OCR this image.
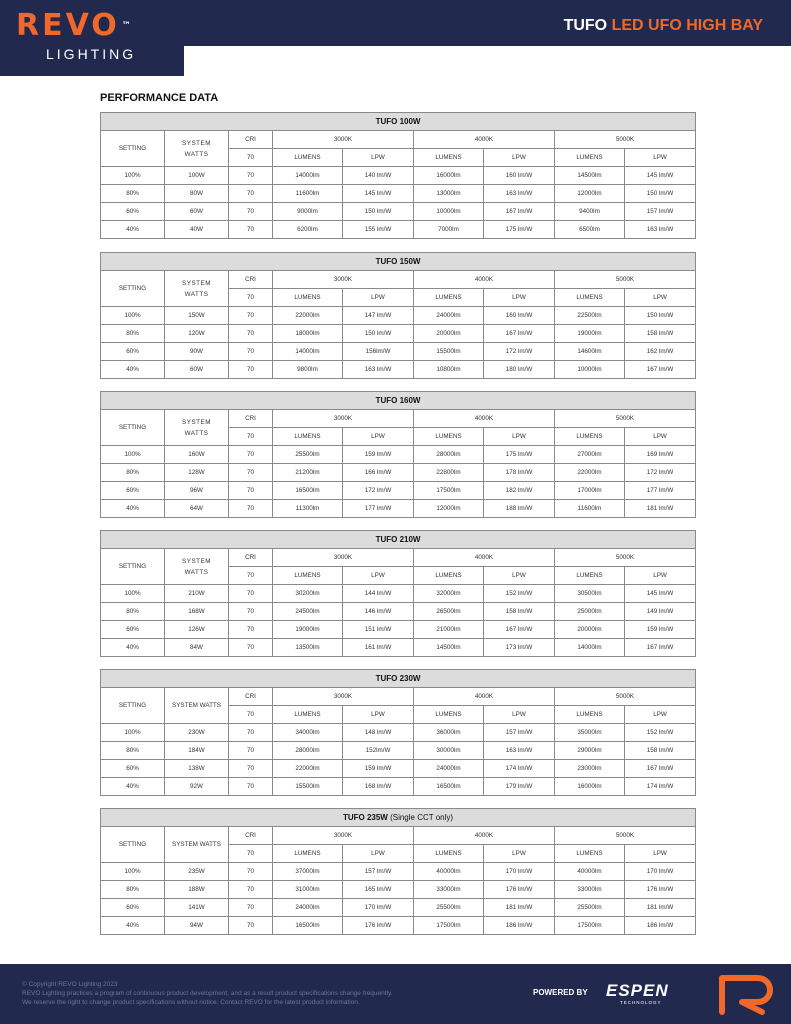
REVO ™
LIGHTING
TUFO LED UFO HIGH BAY
PERFORMANCE DATA
TUFO 100W								
SETTING	SYSTEM WATTS	CRI	3000K		4000K		5000K	
		70	LUMENS	LPW	LUMENS	LPW	LUMENS	LPW
100%	100W	70	14000lm	140 lm/W	16000lm	160 lm/W	14500lm	145 lm/W
80%	80W	70	11600lm	145 lm/W	13000lm	163 lm/W	12000lm	150 lm/W
60%	60W	70	9000lm	150 lm/W	10000lm	167 lm/W	9400lm	157 lm/W
40%	40W	70	6200lm	155 lm/W	7000lm	175 lm/W	6500lm	163 lm/W
TUFO 150W								
SETTING	SYSTEM WATTS	CRI	3000K		4000K		5000K	
		70	LUMENS	LPW	LUMENS	LPW	LUMENS	LPW
100%	150W	70	22000lm	147 lm/W	24000lm	160 lm/W	22500lm	150 lm/W
80%	120W	70	18000lm	150 lm/W	20000lm	167 lm/W	19000lm	158 lm/W
60%	90W	70	14000lm	156lm/W	15500lm	172 lm/W	14600lm	162 lm/W
40%	60W	70	9800lm	163 lm/W	10800lm	180 lm/W	10000lm	167 lm/W
TUFO 160W								
SETTING	SYSTEM WATTS	CRI	3000K		4000K		5000K	
		70	LUMENS	LPW	LUMENS	LPW	LUMENS	LPW
100%	160W	70	25500lm	159 lm/W	28000lm	175 lm/W	27000lm	169 lm/W
80%	128W	70	21200lm	166 lm/W	22800lm	178 lm/W	22000lm	172 lm/W
60%	96W	70	16500lm	172 lm/W	17500lm	182 lm/W	17000lm	177 lm/W
40%	64W	70	11300lm	177 lm/W	12000lm	188 lm/W	11600lm	181 lm/W
TUFO 210W								
SETTING	SYSTEM WATTS	CRI	3000K		4000K		5000K	
		70	LUMENS	LPW	LUMENS	LPW	LUMENS	LPW
100%	210W	70	30200lm	144 lm/W	32000lm	152 lm/W	30500lm	145 lm/W
80%	168W	70	24500lm	146 lm/W	26500lm	158 lm/W	25000lm	149 lm/W
60%	126W	70	19000lm	151 lm/W	21000lm	167 lm/W	20000lm	159 lm/W
40%	84W	70	13500lm	161 lm/W	14500lm	173 lm/W	14000lm	167 lm/W
TUFO 230W								
SETTING	SYSTEM WATTS	CRI	3000K		4000K		5000K	
		70	LUMENS	LPW	LUMENS	LPW	LUMENS	LPW
100%	230W	70	34000lm	148 lm/W	36000lm	157 lm/W	35000lm	152 lm/W
80%	184W	70	28000lm	152lm/W	30000lm	163 lm/W	29000lm	158 lm/W
60%	138W	70	22000lm	159 lm/W	24000lm	174 lm/W	23000lm	167 lm/W
40%	92W	70	15500lm	168 lm/W	16500lm	179 lm/W	16000lm	174 lm/W
TUFO 235W (Single CCT only)								
SETTING	SYSTEM WATTS	CRI	3000K		4000K		5000K	
		70	LUMENS	LPW	LUMENS	LPW	LUMENS	LPW
100%	235W	70	37000lm	157 lm/W	40000lm	170 lm/W	40000lm	170 lm/W
80%	188W	70	31000lm	165 lm/W	33000lm	176 lm/W	33000lm	176 lm/W
60%	141W	70	24000lm	170 lm/W	25500lm	181 lm/W	25500lm	181 lm/W
40%	94W	70	16500lm	176 lm/W	17500lm	186 lm/W	17500lm	186 lm/W
© Copyright REVO Lighting 2023
REVO Lighting practices a program of continuous product development, and as a result product specifications change frequently.
We reserve the right to change product specifications without notice. Contact REVO for the latest product information.
POWERED BY ESPEN
TECHNOLOGY
